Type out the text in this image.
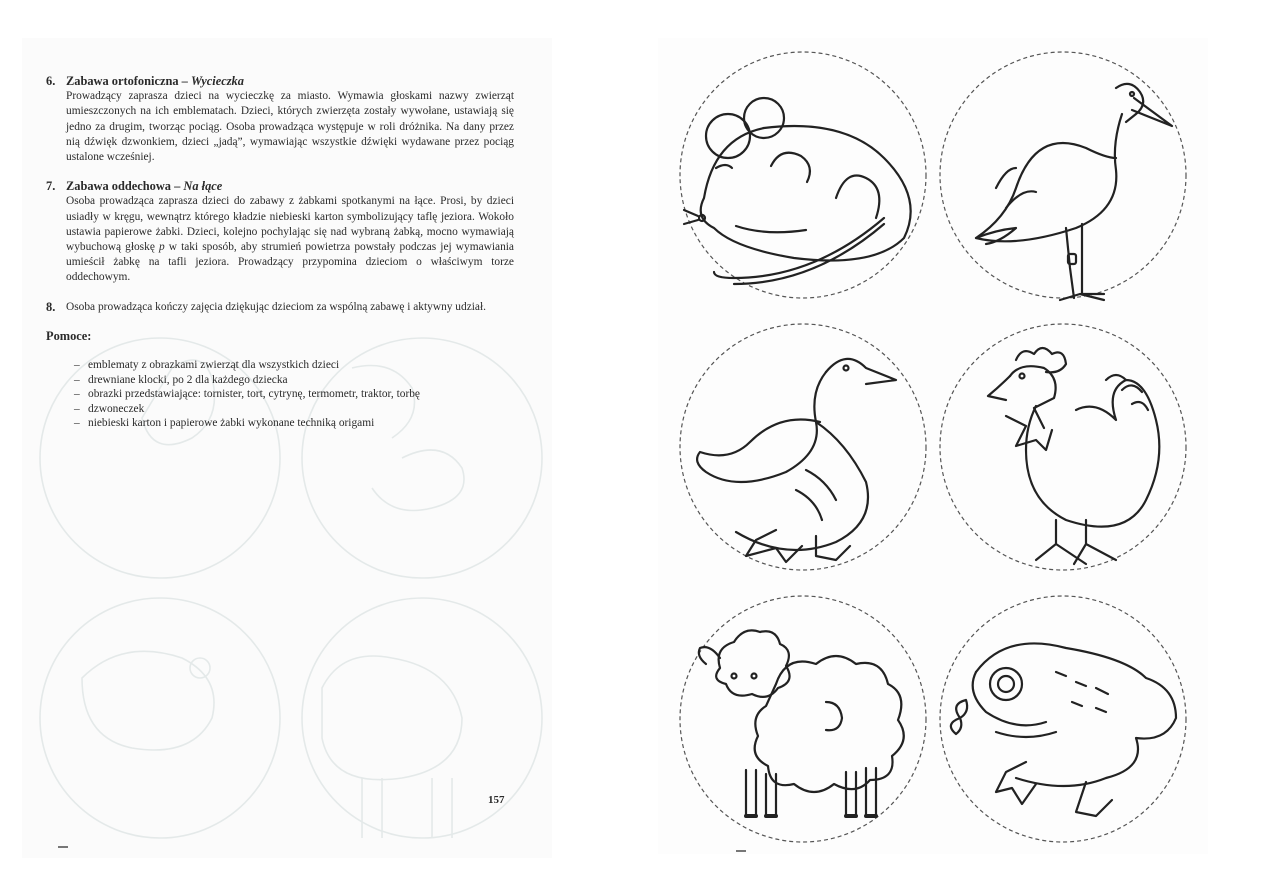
6. Zabawa ortofoniczna – Wycieczka
Prowadzący zaprasza dzieci na wycieczkę za miasto. Wymawia głoskami nazwy zwierząt umieszczonych na ich emblematach. Dzieci, których zwierzęta zostały wywołane, ustawiają się jedno za drugim, tworząc pociąg. Osoba prowadząca występuje w roli dróżnika. Na dany przez nią dźwięk dzwonkiem, dzieci „jadą”, wymawiając wszystkie dźwięki wydawane przez pociąg ustalone wcześniej.
7. Zabawa oddechowa – Na łące
Osoba prowadząca zaprasza dzieci do zabawy z żabkami spotkanymi na łące. Prosi, by dzieci usiadły w kręgu, wewnątrz którego kładzie niebieski karton symbolizujący taflę jeziora. Wokoło ustawia papierowe żabki. Dzieci, kolejno pochylając się nad wybraną żabką, mocno wymawiają wybuchową głoskę p w taki sposób, aby strumień powietrza powstały podczas jej wymawiania umieścił żabkę na tafli jeziora. Prowadzący przypomina dzieciom o właściwym torze oddechowym.
8. Osoba prowadząca kończy zajęcia dziękując dzieciom za wspólną zabawę i aktywny udział.
Pomoce:
– emblematy z obrazkami zwierząt dla wszystkich dzieci
– drewniane klocki, po 2 dla każdego dziecka
– obrazki przedstawiające: tornister, tort, cytrynę, termometr, traktor, torbę
– dzwoneczek
– niebieski karton i papierowe żabki wykonane techniką origami
157
